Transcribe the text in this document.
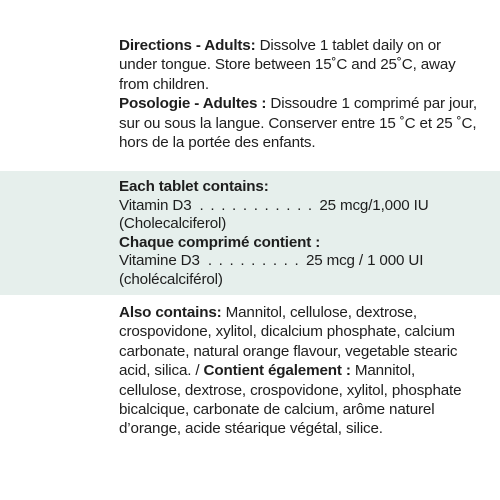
Directions - Adults: Dissolve 1 tablet daily on or under tongue. Store between 15˚C and 25˚C, away from children.

Posologie - Adultes : Dissoudre 1 comprimé par jour, sur ou sous la langue. Conserver entre 15 ˚C et 25 ˚C, hors de la portée des enfants.

Each tablet contains:
Vitamin D3 . . . . . . . . . . . 25 mcg/1,000 IU
(Cholecalciferol)
Chaque comprimé contient :
Vitamine D3 . . . . . . . . . 25 mcg / 1 000 UI
(cholécalciférol)

Also contains: Mannitol, cellulose, dextrose, crospovidone, xylitol, dicalcium phosphate, calcium carbonate, natural orange flavour, vegetable stearic acid, silica. / Contient également : Mannitol, cellulose, dextrose, crospovidone, xylitol, phosphate bicalcique, carbonate de calcium, arôme naturel d’orange, acide stéarique végétal, silice.
